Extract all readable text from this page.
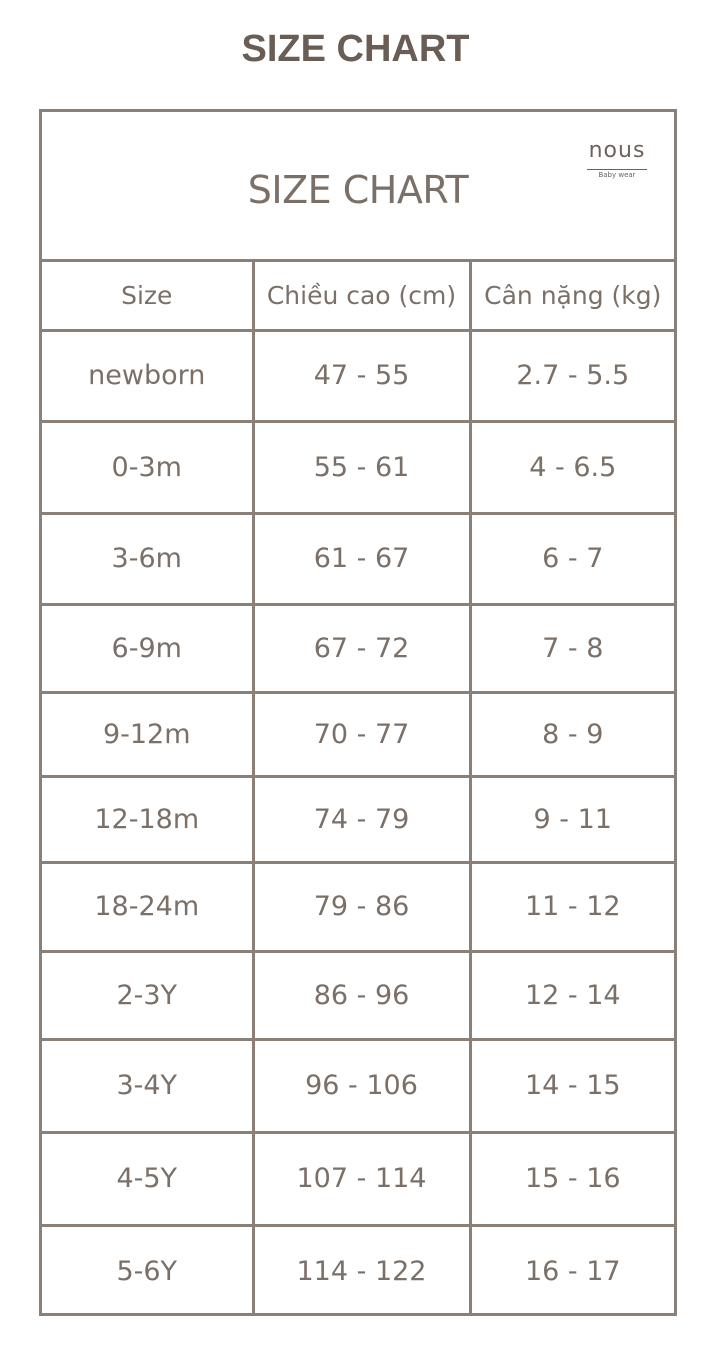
SIZE CHART
SIZE CHART
nous
Baby wear
Size	Chiều cao (cm)	Cân nặng (kg)
newborn	47 - 55	2.7 - 5.5
0-3m	55 - 61	4 - 6.5
3-6m	61 - 67	6 - 7
6-9m	67 - 72	7 - 8
9-12m	70 - 77	8 - 9
12-18m	74 - 79	9 - 11
18-24m	79 - 86	11 - 12
2-3Y	86 - 96	12 - 14
3-4Y	96 - 106	14 - 15
4-5Y	107 - 114	15 - 16
5-6Y	114 - 122	16 - 17
